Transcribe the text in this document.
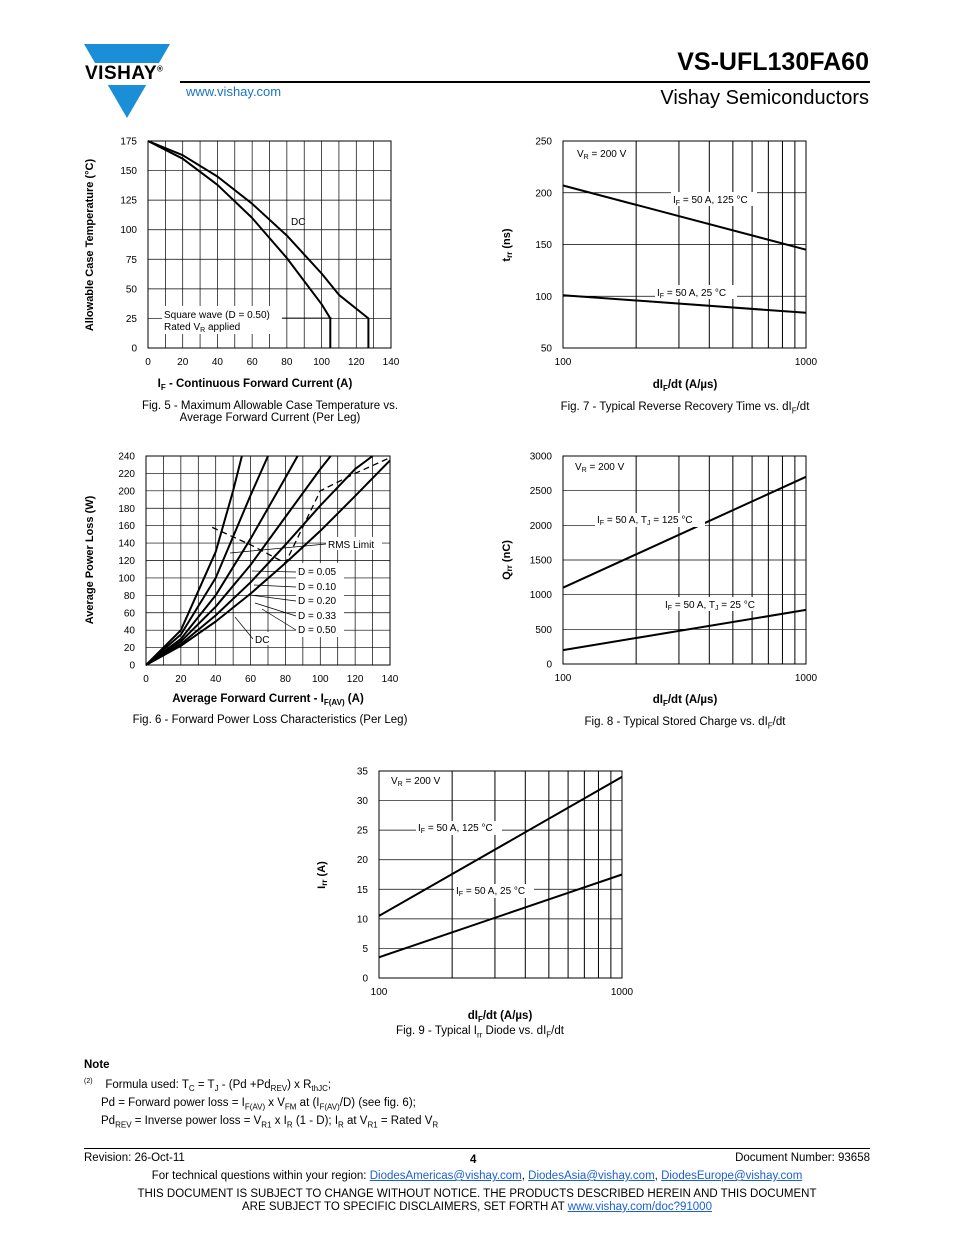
VISHAY®
www.vishay.com
VS-UFL130FA60
Vishay Semiconductors
0	20 40 60 80 100 120 140
0
25
50
75
100
125
150
175
Allowable Case Temperature (°C)
$I_F$ - Continuous Forward Current (A)
DC
Square wave (D = 0.50)
Rated $V_R$ applied
Fig. 5 - Maximum Allowable Case Temperature vs.
Average Forward Current (Per Leg)
100	1000
50
100
150
200
250
trr (ns)
$dI_F/dt$ (A/µs)
$V_R = 200$ V
$I_F = 50$ A, 125 °C
$I_F = 50$ A, 25 °C
Fig. 7 - Typical Reverse Recovery Time vs. $dI_F/dt$
0	20 40 60 80 100 120 140
0
20
40
60
80
100
120
140
160
180
200
220
240
Average Power Loss (W)
Average Forward Current - $I_{F(AV)}$ (A)
RMS Limit
D = 0.05
D = 0.10
D = 0.20
D = 0.33
D = 0.50
DC
Fig. 6 - Forward Power Loss Characteristics (Per Leg)
100	1000
0
500
1000
1500
2000
2500
3000
Qrr (nC)
$dI_F/dt$ (A/µs)
$V_R = 200$ V
$I_F = 50$ A, $T_J = 125$ °C
$I_F = 50$ A, $T_J = 25$ °C
Fig. 8 - Typical Stored Charge vs. $dI_F/dt$
100	1000
0
5
10
15
20
25
30
35
Irr (A)
$dI_F/dt$ (A/µs)
$V_R = 200$ V
$I_F = 50$ A, 125 °C
$I_F = 50$ A, 25 °C
Fig. 9 - Typical $I_{rr}$ Diode vs. $dI_F/dt$
Note
$^{(2)}$    Formula used: $T_C = T_J - (Pd +Pd_{REV})$ x $R_{thJC}$;
Pd = Forward power loss = $I_{F(AV)}$ x $V_{FM}$ at $(I_{F(AV)}/D)$ (see fig. 6);
$Pd_{REV}$ = Inverse power loss = $V_{R1}$ x $I_R$ (1 - D); $I_R$ at $V_{R1}$ = Rated $V_R$
Revision: 26-Oct-11	4	Document Number: 93658
For technical questions within your region: DiodesAmericas@vishay.com, DiodesAsia@vishay.com, DiodesEurope@vishay.com
THIS DOCUMENT IS SUBJECT TO CHANGE WITHOUT NOTICE. THE PRODUCTS DESCRIBED HEREIN AND THIS DOCUMENT
ARE SUBJECT TO SPECIFIC DISCLAIMERS, SET FORTH AT www.vishay.com/doc?91000
